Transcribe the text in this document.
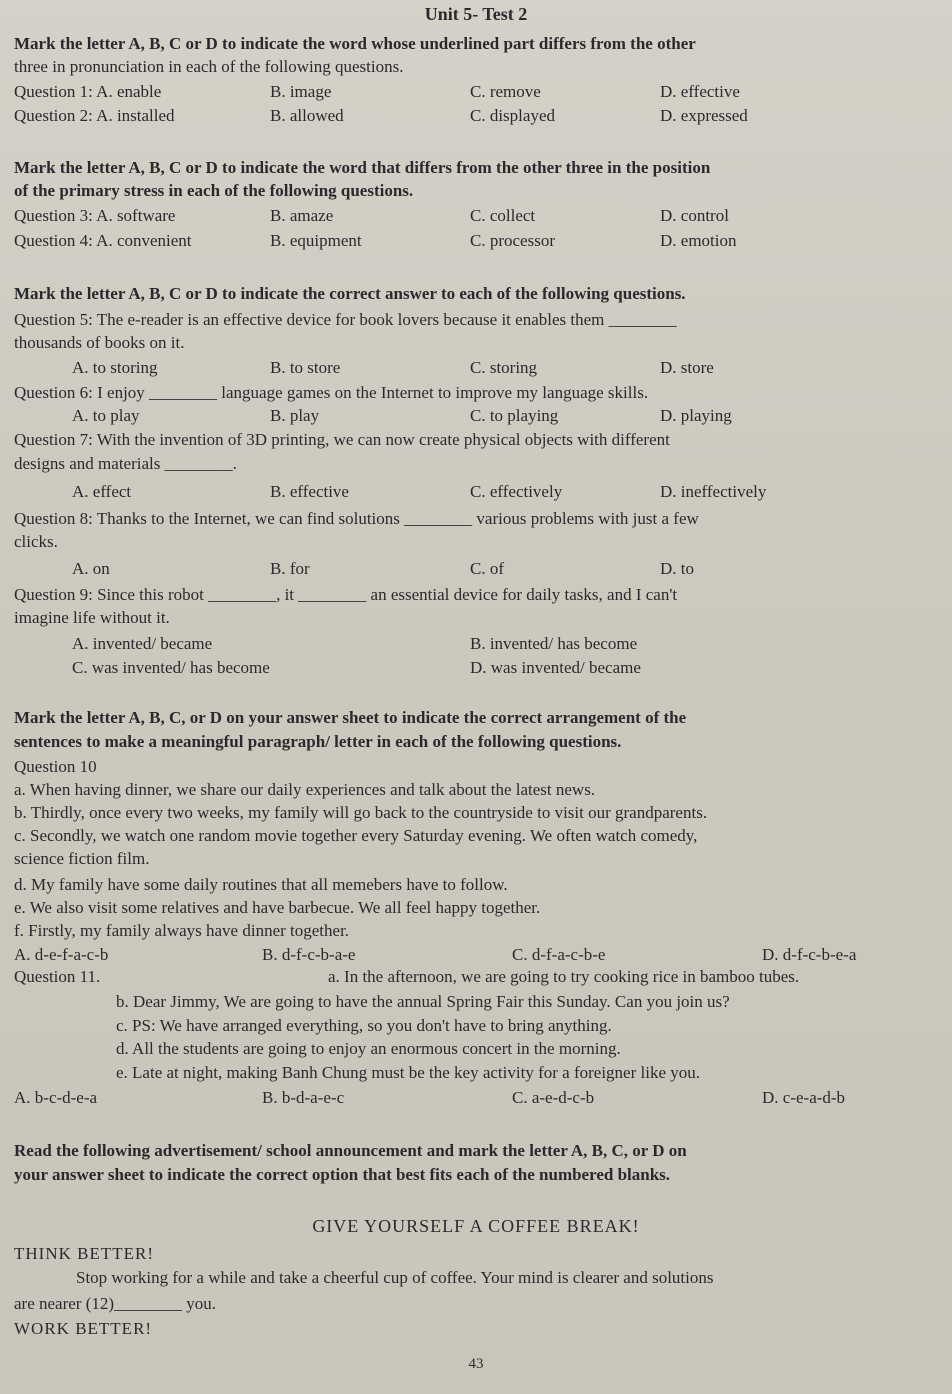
Unit 5- Test 2
Mark the letter A, B, C or D to indicate the word whose underlined part differs from the other
three in pronunciation in each of the following questions.
Question 1: A. enable	B. image	C. remove	D. effective
Question 2: A. installed	B. allowed	C. displayed	D. expressed
Mark the letter A, B, C or D to indicate the word that differs from the other three in the position
of the primary stress in each of the following questions.
Question 3: A. software	B. amaze	C. collect	D. control
Question 4: A. convenient	B. equipment	C. processor	D. emotion
Mark the letter A, B, C or D to indicate the correct answer to each of the following questions.
Question 5: The e-reader is an effective device for book lovers because it enables them ________
thousands of books on it.
A. to storing	B. to store	C. storing	D. store
Question 6: I enjoy ________ language games on the Internet to improve my language skills.
A. to play	B. play	C. to playing	D. playing
Question 7: With the invention of 3D printing, we can now create physical objects with different
designs and materials ________.
A. effect	B. effective	C. effectively	D. ineffectively
Question 8: Thanks to the Internet, we can find solutions ________ various problems with just a few
clicks.
A. on	B. for	C. of	D. to
Question 9: Since this robot ________, it ________ an essential device for daily tasks, and I can't
imagine life without it.
A. invented/ became	B. invented/ has become
C. was invented/ has become	D. was invented/ became
Mark the letter A, B, C, or D on your answer sheet to indicate the correct arrangement of the
sentences to make a meaningful paragraph/ letter in each of the following questions.
Question 10
a. When having dinner, we share our daily experiences and talk about the latest news.
b. Thirdly, once every two weeks, my family will go back to the countryside to visit our grandparents.
c. Secondly, we watch one random movie together every Saturday evening. We often watch comedy,
science fiction film.
d. My family have some daily routines that all memebers have to follow.
e. We also visit some relatives and have barbecue. We all feel happy together.
f. Firstly, my family always have dinner together.
A. d-e-f-a-c-b	B. d-f-c-b-a-e	C. d-f-a-c-b-e	D. d-f-c-b-e-a
Question 11.	a. In the afternoon, we are going to try cooking rice in bamboo tubes.
b. Dear Jimmy, We are going to have the annual Spring Fair this Sunday. Can you join us?
c. PS: We have arranged everything, so you don't have to bring anything.
d. All the students are going to enjoy an enormous concert in the morning.
e. Late at night, making Banh Chung must be the key activity for a foreigner like you.
A. b-c-d-e-a	B. b-d-a-e-c	C. a-e-d-c-b	D. c-e-a-d-b
Read the following advertisement/ school announcement and mark the letter A, B, C, or D on
your answer sheet to indicate the correct option that best fits each of the numbered blanks.
GIVE YOURSELF A COFFEE BREAK!
THINK BETTER!
Stop working for a while and take a cheerful cup of coffee. Your mind is clearer and solutions
are nearer (12)________ you.
WORK BETTER!
43
